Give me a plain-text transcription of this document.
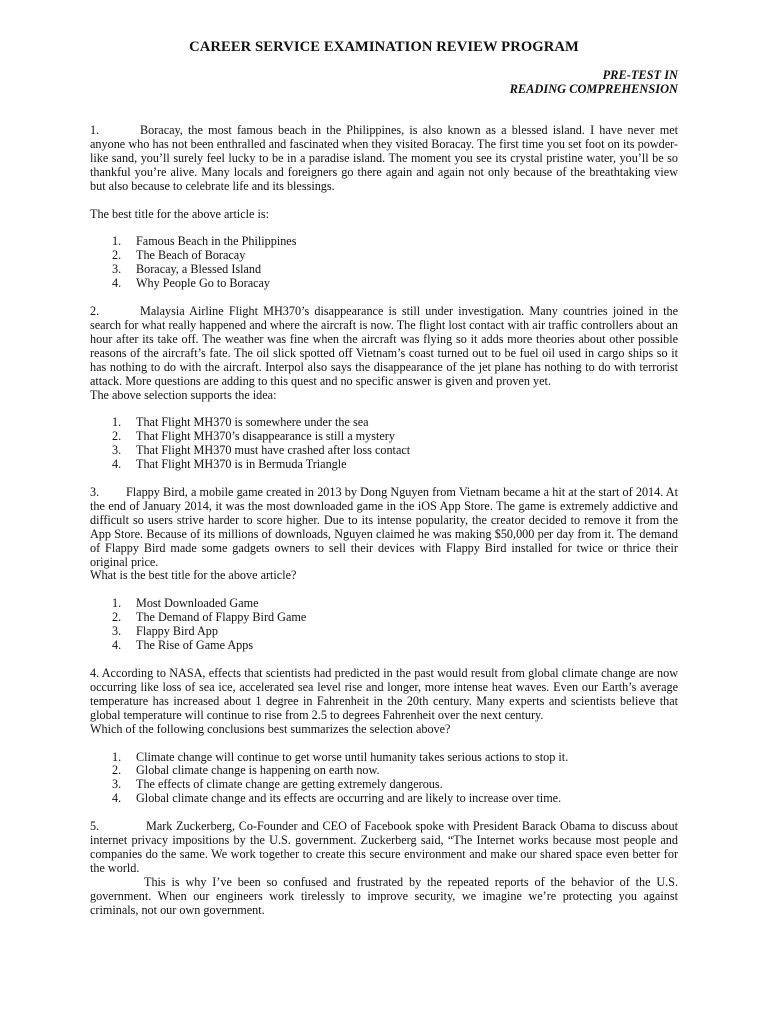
CAREER SERVICE EXAMINATION REVIEW PROGRAM
PRE-TEST IN
READING COMPREHENSION

1.	Boracay, the most famous beach in the Philippines, is also known as a blessed island. I have never met anyone who has not been enthralled and fascinated when they visited Boracay. The first time you set foot on its powder-like sand, you’ll surely feel lucky to be in a paradise island. The moment you see its crystal pristine water, you’ll be so thankful you’re alive. Many locals and foreigners go there again and again not only because of the breathtaking view but also because to celebrate life and its blessings.

The best title for the above article is:

1. Famous Beach in the Philippines
2. The Beach of Boracay
3. Boracay, a Blessed Island
4. Why People Go to Boracay

2.	Malaysia Airline Flight MH370’s disappearance is still under investigation. Many countries joined in the search for what really happened and where the aircraft is now. The flight lost contact with air traffic controllers about an hour after its take off. The weather was fine when the aircraft was flying so it adds more theories about other possible reasons of the aircraft’s fate. The oil slick spotted off Vietnam’s coast turned out to be fuel oil used in cargo ships so it has nothing to do with the aircraft. Interpol also says the disappearance of the jet plane has nothing to do with terrorist attack. More questions are adding to this quest and no specific answer is given and proven yet.

The above selection supports the idea:

1. That Flight MH370 is somewhere under the sea
2. That Flight MH370’s disappearance is still a mystery
3. That Flight MH370 must have crashed after loss contact
4. That Flight MH370 is in Bermuda Triangle

3. Flappy Bird, a mobile game created in 2013 by Dong Nguyen from Vietnam became a hit at the start of 2014. At the end of January 2014, it was the most downloaded game in the iOS App Store. The game is extremely addictive and difficult so users strive harder to score higher. Due to its intense popularity, the creator decided to remove it from the App Store. Because of its millions of downloads, Nguyen claimed he was making $50,000 per day from it. The demand of Flappy Bird made some gadgets owners to sell their devices with Flappy Bird installed for twice or thrice their original price.

What is the best title for the above article?

1. Most Downloaded Game
2. The Demand of Flappy Bird Game
3. Flappy Bird App
4. The Rise of Game Apps

4. According to NASA, effects that scientists had predicted in the past would result from global climate change are now occurring like loss of sea ice, accelerated sea level rise and longer, more intense heat waves. Even our Earth’s average temperature has increased about 1 degree in Fahrenheit in the 20th century. Many experts and scientists believe that global temperature will continue to rise from 2.5 to degrees Fahrenheit over the next century.

Which of the following conclusions best summarizes the selection above?

1. Climate change will continue to get worse until humanity takes serious actions to stop it.
2. Global climate change is happening on earth now.
3. The effects of climate change are getting extremely dangerous.
4. Global climate change and its effects are occurring and are likely to increase over time.

5.	Mark Zuckerberg, Co-Founder and CEO of Facebook spoke with President Barack Obama to discuss about internet privacy impositions by the U.S. government. Zuckerberg said, “The Internet works because most people and companies do the same. We work together to create this secure environment and make our shared space even better for the world.

This is why I’ve been so confused and frustrated by the repeated reports of the behavior of the U.S. government. When our engineers work tirelessly to improve security, we imagine we’re protecting you against criminals, not our own government.
